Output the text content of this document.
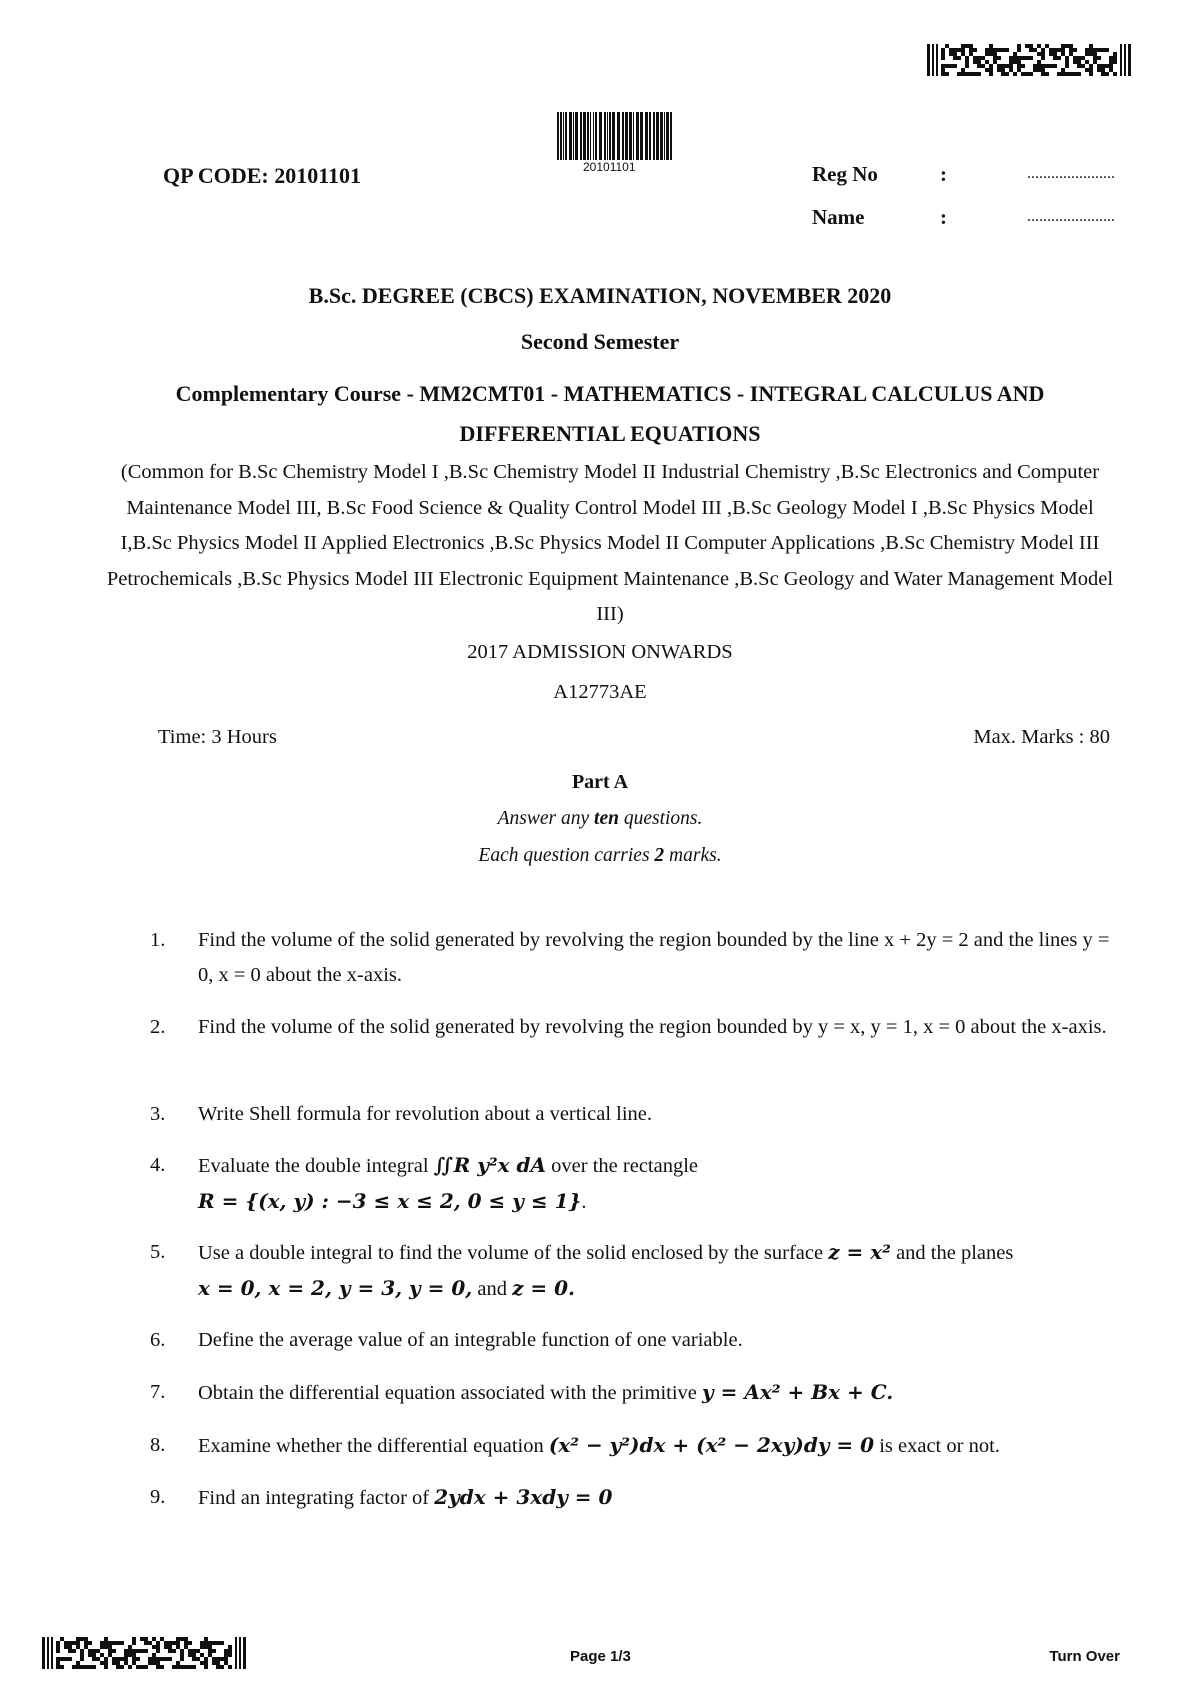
20101101
QP CODE: 20101101	Reg No	:	......................
Name	:	......................
B.Sc. DEGREE (CBCS) EXAMINATION, NOVEMBER 2020
Second Semester
Complementary Course - MM2CMT01 - MATHEMATICS - INTEGRAL CALCULUS AND DIFFERENTIAL EQUATIONS
(Common for B.Sc Chemistry Model I ,B.Sc Chemistry Model II Industrial Chemistry ,B.Sc Electronics and Computer Maintenance Model III, B.Sc Food Science & Quality Control Model III ,B.Sc Geology Model I ,B.Sc Physics Model I,B.Sc Physics Model II Applied Electronics ,B.Sc Physics Model II Computer Applications ,B.Sc Chemistry Model III Petrochemicals ,B.Sc Physics Model III Electronic Equipment Maintenance ,B.Sc Geology and Water Management Model III)
2017 ADMISSION ONWARDS
A12773AE
Time: 3 Hours	Max. Marks : 80
Part A
Answer any ten questions.
Each question carries 2 marks.
1.	Find the volume of the solid generated by revolving the region bounded by the line x + 2y = 2 and the lines y = 0, x = 0 about the x-axis.
2.	Find the volume of the solid generated by revolving the region bounded by y = x, y = 1, x = 0 about the x-axis.
3.	Write Shell formula for revolution about a vertical line.
4.	Evaluate the double integral ∬R y²x dA over the rectangle
R = {(x, y) : −3 ≤ x ≤ 2, 0 ≤ y ≤ 1}.
5.	Use a double integral to find the volume of the solid enclosed by the surface z = x² and the planes
x = 0, x = 2, y = 3, y = 0, and z = 0.
6.	Define the average value of an integrable function of one variable.
7.	Obtain the differential equation associated with the primitive y = Ax² + Bx + C.
8.	Examine whether the differential equation (x² − y²)dx + (x² − 2xy)dy = 0 is exact or not.
9.	Find an integrating factor of 2ydx + 3xdy = 0
Page 1/3	Turn Over
